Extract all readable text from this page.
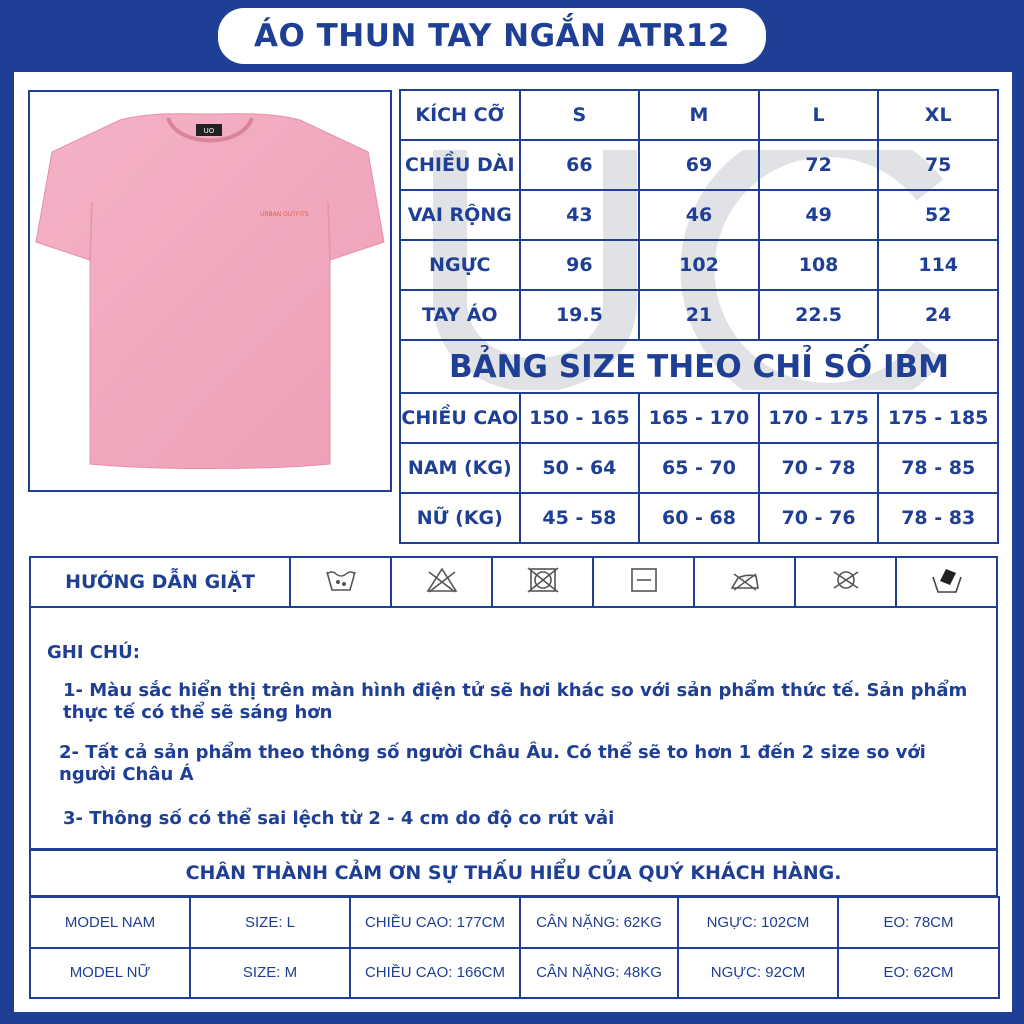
ÁO THUN TAY NGẮN ATR12
UO
URBAN OUTFITS
KÍCH CỠ	S	M	L	XL
CHIỀU DÀI	66	69	72	75
VAI RỘNG	43	46	49	52
NGỰC	96	102	108	114
TAY ÁO	19.5	21	22.5	24
BẢNG SIZE THEO CHỈ SỐ IBM				
CHIỀU CAO	150 - 165	165 - 170	170 - 175	175 - 185
NAM (KG)	50 - 64	65 - 70	70 - 78	78 - 85
NỮ (KG)	45 - 58	60 - 68	70 - 76	78 - 83
HƯỚNG DẪN GIẶT							
GHI CHÚ:
1- Màu sắc hiển thị trên màn hình điện tử sẽ hơi khác so với sản phẩm thức tế. Sản phẩm thực tế có thể sẽ sáng hơn
2- Tất cả sản phẩm theo thông số người Châu Âu. Có thể sẽ to hơn 1 đến 2 size so với người Châu Á
3- Thông số có thể sai lệch từ 2 - 4 cm do độ co rút vải
CHÂN THÀNH CẢM ƠN SỰ THẤU HIỂU CỦA QUÝ KHÁCH HÀNG.
MODEL NAM	SIZE: L	CHIỀU CAO: 177CM	CÂN NẶNG: 62KG	NGỰC: 102CM	EO: 78CM
MODEL NỮ	SIZE: M	CHIỀU CAO: 166CM	CÂN NẶNG: 48KG	NGỰC: 92CM	EO: 62CM
